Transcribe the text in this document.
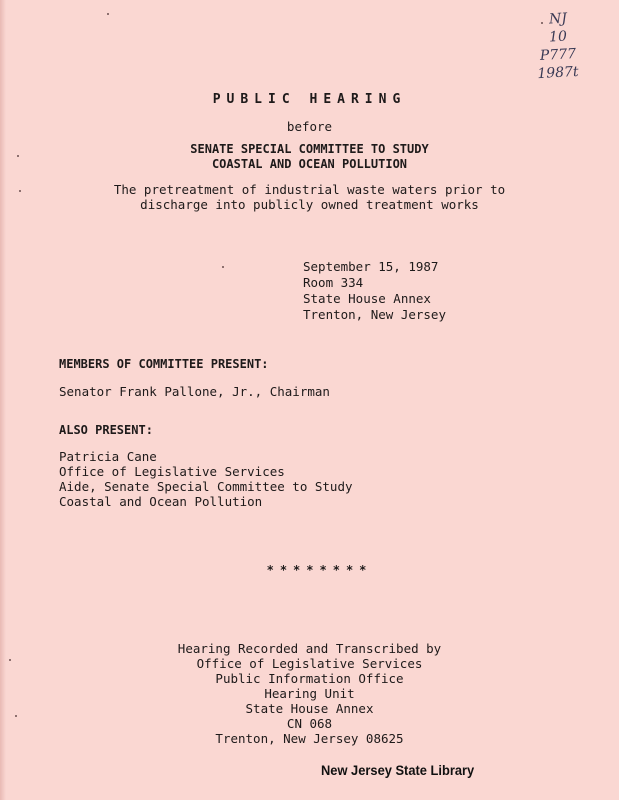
NJ
10
P777
1987t
PUBLIC HEARING
before
SENATE SPECIAL COMMITTEE TO STUDY
COASTAL AND OCEAN POLLUTION
The pretreatment of industrial waste waters prior to
discharge into publicly owned treatment works
September 15, 1987
Room 334
State House Annex
Trenton, New Jersey
MEMBERS OF COMMITTEE PRESENT:
Senator Frank Pallone, Jr., Chairman
ALSO PRESENT:
Patricia Cane
Office of Legislative Services
Aide, Senate Special Committee to Study
Coastal and Ocean Pollution
********
Hearing Recorded and Transcribed by
Office of Legislative Services
Public Information Office
Hearing Unit
State House Annex
CN 068
Trenton, New Jersey 08625
New Jersey State Library
